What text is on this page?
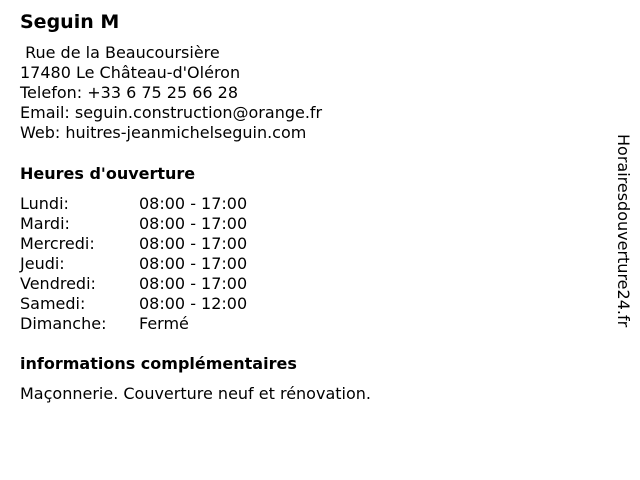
Seguin M
Rue de la Beaucoursière
17480 Le Château-d'Oléron
Telefon: +33 6 75 25 66 28
Email: seguin.construction@orange.fr
Web: huitres-jeanmichelseguin.com
Heures d'ouverture
Lundi:	08:00 - 17:00
Mardi:	08:00 - 17:00
Mercredi:	08:00 - 17:00
Jeudi:	08:00 - 17:00
Vendredi:	08:00 - 17:00
Samedi:	08:00 - 12:00
Dimanche: Fermé
informations complémentaires
Maçonnerie. Couverture neuf et rénovation.
Horairesdouverture24.fr
